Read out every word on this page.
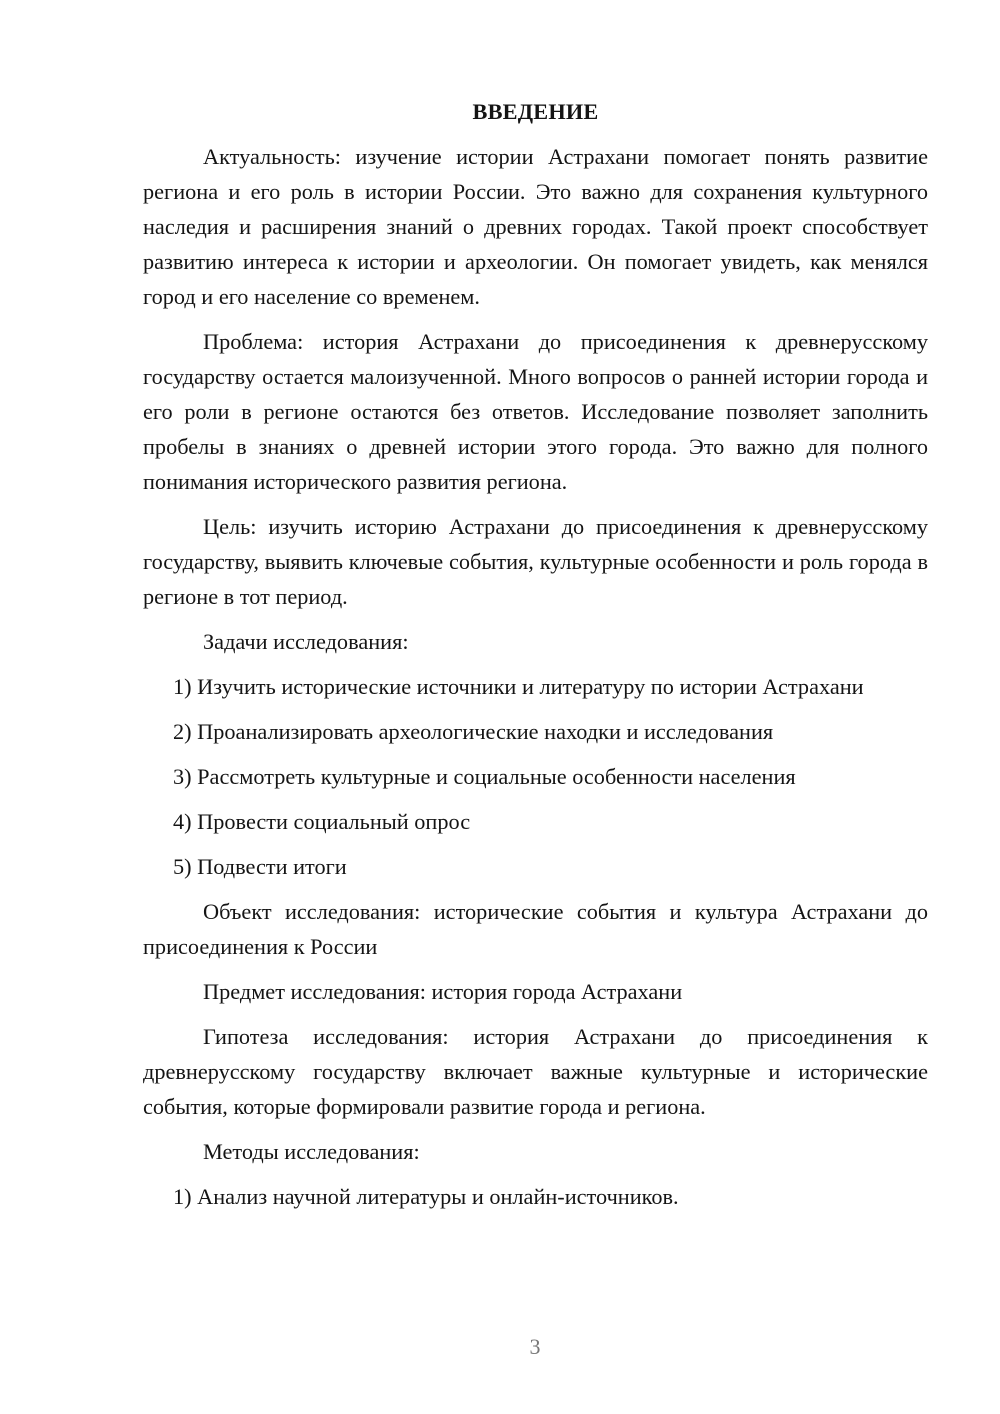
ВВЕДЕНИЕ
Актуальность: изучение истории Астрахани помогает понять развитие региона и его роль в истории России. Это важно для сохранения культурного наследия и расширения знаний о древних городах. Такой проект способствует развитию интереса к истории и археологии. Он помогает увидеть, как менялся город и его население со временем.
Проблема: история Астрахани до присоединения к древнерусскому государству остается малоизученной. Много вопросов о ранней истории города и его роли в регионе остаются без ответов. Исследование позволяет заполнить пробелы в знаниях о древней истории этого города. Это важно для полного понимания исторического развития региона.
Цель: изучить историю Астрахани до присоединения к древнерусскому государству, выявить ключевые события, культурные особенности и роль города в регионе в тот период.
Задачи исследования:
1) Изучить исторические источники и литературу по истории Астрахани
2) Проанализировать археологические находки и исследования
3) Рассмотреть культурные и социальные особенности населения
4) Провести социальный опрос
5) Подвести итоги
Объект исследования: исторические события и культура Астрахани до присоединения к России
Предмет исследования: история города Астрахани
Гипотеза исследования: история Астрахани до присоединения к древнерусскому государству включает важные культурные и исторические события, которые формировали развитие города и региона.
Методы исследования:
1) Анализ научной литературы и онлайн-источников.
3
